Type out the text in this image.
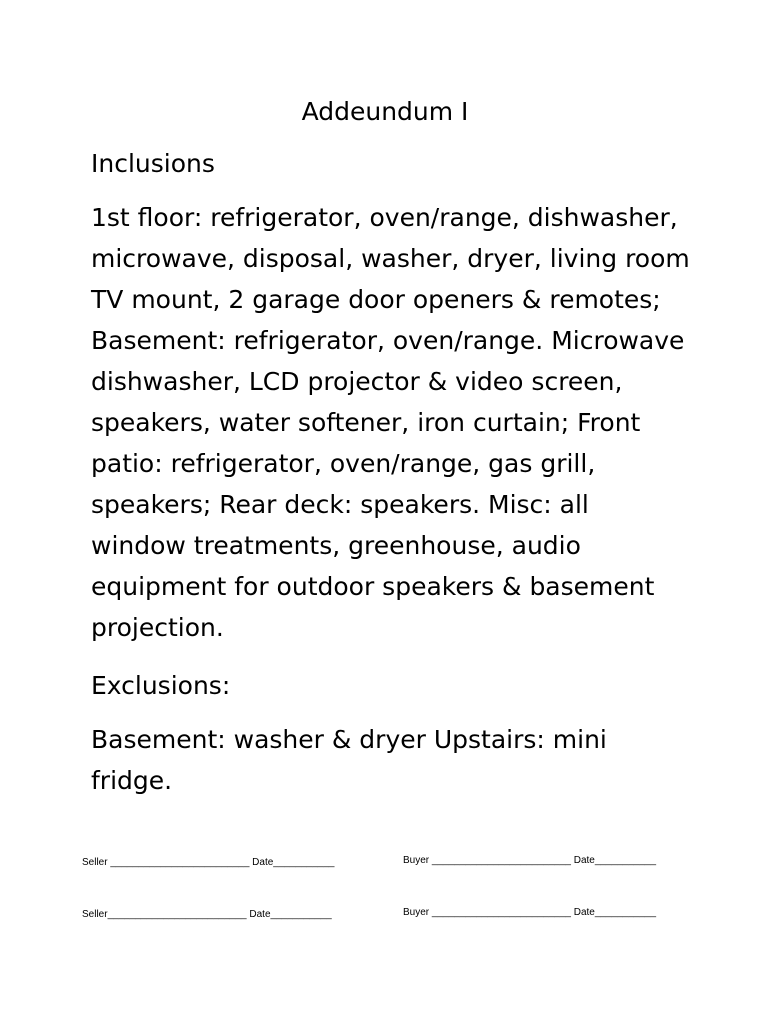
Addeundum I
Inclusions

1st floor: refrigerator, oven/range, dishwasher, microwave, disposal, washer, dryer, living room TV mount, 2 garage door openers & remotes; Basement: refrigerator, oven/range. Microwave dishwasher, LCD projector & video screen, speakers, water softener, iron curtain; Front patio: refrigerator, oven/range, gas grill, speakers; Rear deck: speakers. Misc: all window treatments, greenhouse, audio equipment for outdoor speakers & basement projection.

Exclusions:

Basement: washer & dryer Upstairs: mini fridge.

Seller _________________________ Date___________	Buyer _________________________ Date___________
Seller_________________________ Date___________	Buyer _________________________ Date___________
